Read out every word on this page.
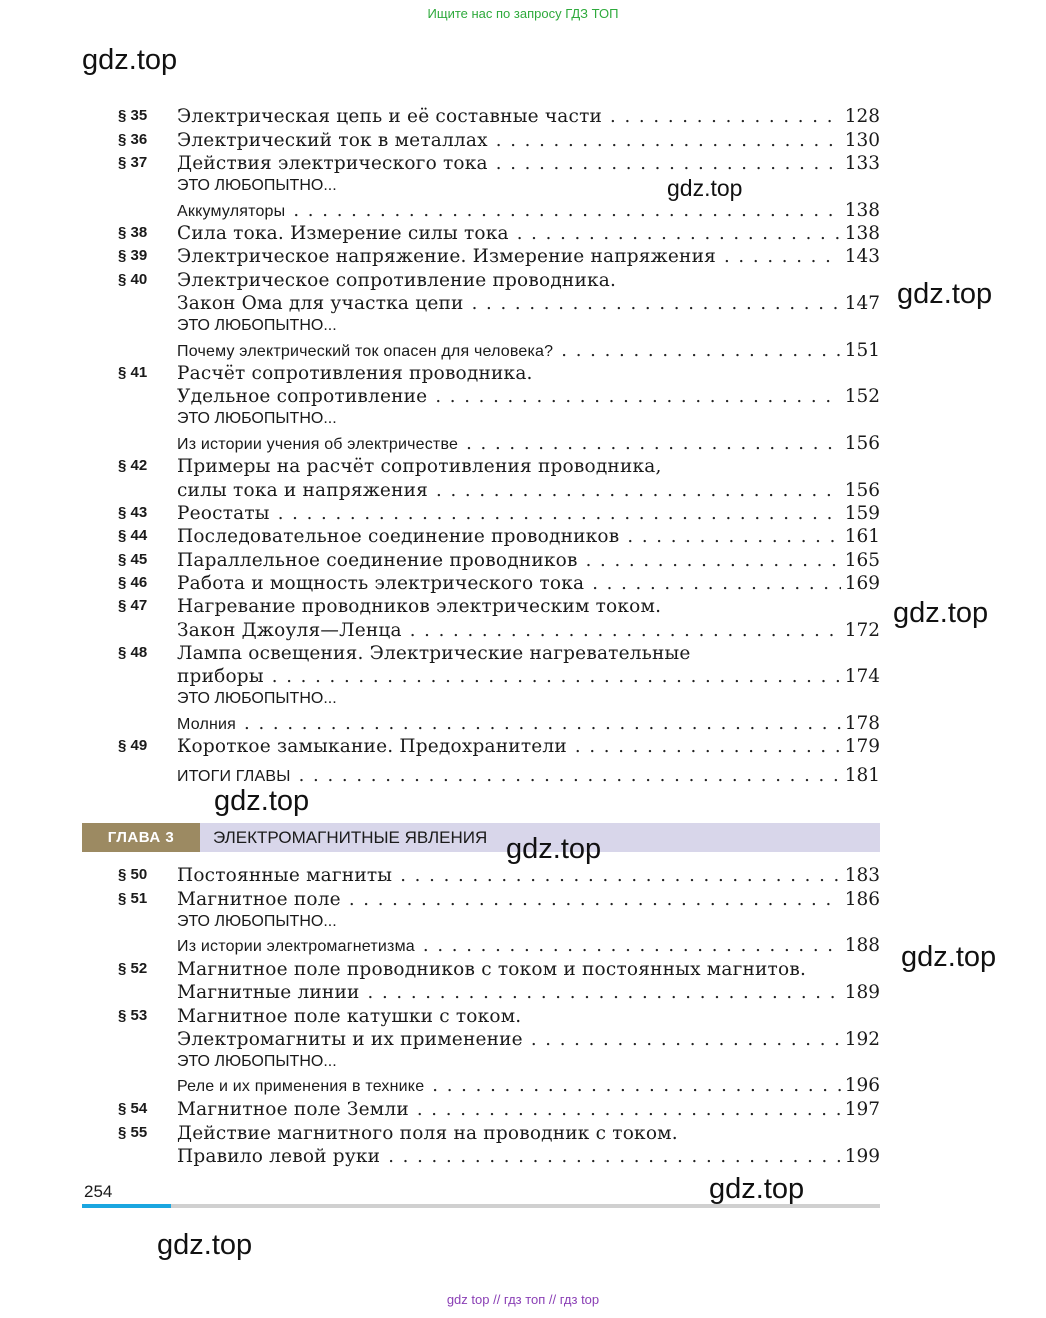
Ищите нас по запросу ГДЗ ТОП
§ 35 Электрическая цепь и её составные части . . .	128
§ 36 Электрический ток в металлах . . .	130
§ 37 Действия электрического тока . . .	133
ЭТО ЛЮБОПЫТНО...
Аккумуляторы . . .	138
§ 38 Сила тока. Измерение силы тока . . .	138
§ 39 Электрическое напряжение. Измерение напряжения . . .	143
§ 40 Электрическое сопротивление проводника.
Закон Ома для участка цепи . . .	147
ЭТО ЛЮБОПЫТНО...
Почему электрический ток опасен для человека? . . .	151
§ 41 Расчёт сопротивления проводника.
Удельное сопротивление . . .	152
ЭТО ЛЮБОПЫТНО...
Из истории учения об электричестве . . .	156
§ 42 Примеры на расчёт сопротивления проводника,
силы тока и напряжения . . .	156
§ 43 Реостаты . . .	159
§ 44 Последовательное соединение проводников . . .	161
§ 45 Параллельное соединение проводников . . .	165
§ 46 Работа и мощность электрического тока . . .	169
§ 47 Нагревание проводников электрическим током.
Закон Джоуля—Ленца . . .	172
§ 48 Лампа освещения. Электрические нагревательные
приборы . . .	174
ЭТО ЛЮБОПЫТНО...
Молния . . .	178
§ 49 Короткое замыкание. Предохранители . . .	179
ИТОГИ ГЛАВЫ . . .	181
§ 50 Постоянные магниты . . .	183
§ 51 Магнитное поле . . .	186
ЭТО ЛЮБОПЫТНО...
Из истории электромагнетизма . . .	188
§ 52 Магнитное поле проводников с током и постоянных магнитов.
Магнитные линии . . .	189
§ 53 Магнитное поле катушки с током.
Электромагниты и их применение . . .	192
ЭТО ЛЮБОПЫТНО...
Реле и их применения в технике . . .	196
§ 54 Магнитное поле Земли . . .	197
§ 55 Действие магнитного поля на проводник с током.
Правило левой руки . . .	199
ГЛАВА 3	ЭЛЕКТРОМАГНИТНЫЕ ЯВЛЕНИЯ
254
gdz.top
gdz.top
gdz.top
gdz.top
gdz.top
gdz.top
gdz.top
gdz.top
gdz.top
gdz top // гдз топ // гдз top
